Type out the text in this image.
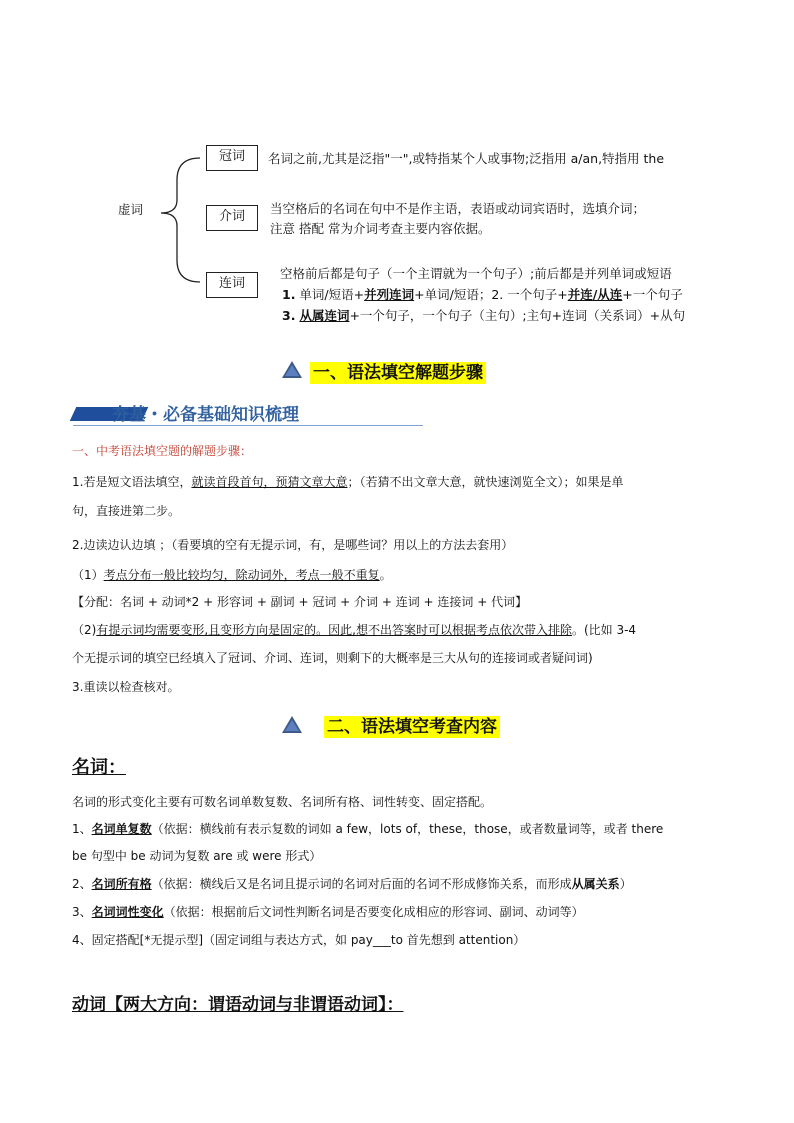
虚词
冠词	名词之前,尤其是泛指"一",或特指某个人或事物;泛指用 a/an,特指用 the
介词
当空格后的名词在句中不是作主语，表语或动词宾语时，选填介词；
注意 搭配 常为介词考查主要内容依据。
连词
空格前后都是句子（一个主谓就为一个句子）;前后都是并列单词或短语
1. 单词/短语+并列连词+单词/短语；2. 一个句子+并连/从连+一个句子
3. 从属连词+一个句子，一个句子（主句）;主句+连词（关系词）+从句
一、语法填空解题步骤
夯基・必备基础知识梳理
一、中考语法填空题的解题步骤：
1.若是短文语法填空，就读首段首句，预猜文章大意；（若猜不出文章大意，就快速浏览全文）；如果是单
句，直接进第二步。
2.边读边认边填 ；（看要填的空有无提示词，有，是哪些词？用以上的方法去套用）
（1）考点分布一般比较均匀，除动词外，考点一般不重复。
【分配：名词 + 动词*2 + 形容词 + 副词 + 冠词 + 介词 + 连词 + 连接词 + 代词】
（2)有提示词均需要变形,且变形方向是固定的。因此,想不出答案时可以根据考点依次带入排除。(比如 3-4
个无提示词的填空已经填入了冠词、介词、连词，则剩下的大概率是三大从句的连接词或者疑问词)
3.重读以检查核对。
二、语法填空考查内容
名词：
名词的形式变化主要有可数名词单数复数、名词所有格、词性转变、固定搭配。
1、名词单复数（依据：横线前有表示复数的词如 a few，lots of，these，those，或者数量词等，或者 there
be 句型中 be 动词为复数 are 或 were 形式）
2、名词所有格（依据：横线后又是名词且提示词的名词对后面的名词不形成修饰关系，而形成从属关系）
3、名词词性变化（依据：根据前后文词性判断名词是否要变化成相应的形容词、副词、动词等）
4、固定搭配[*无提示型]（固定词组与表达方式，如 pay___to 首先想到 attention）
动词【两大方向：谓语动词与非谓语动词】：
